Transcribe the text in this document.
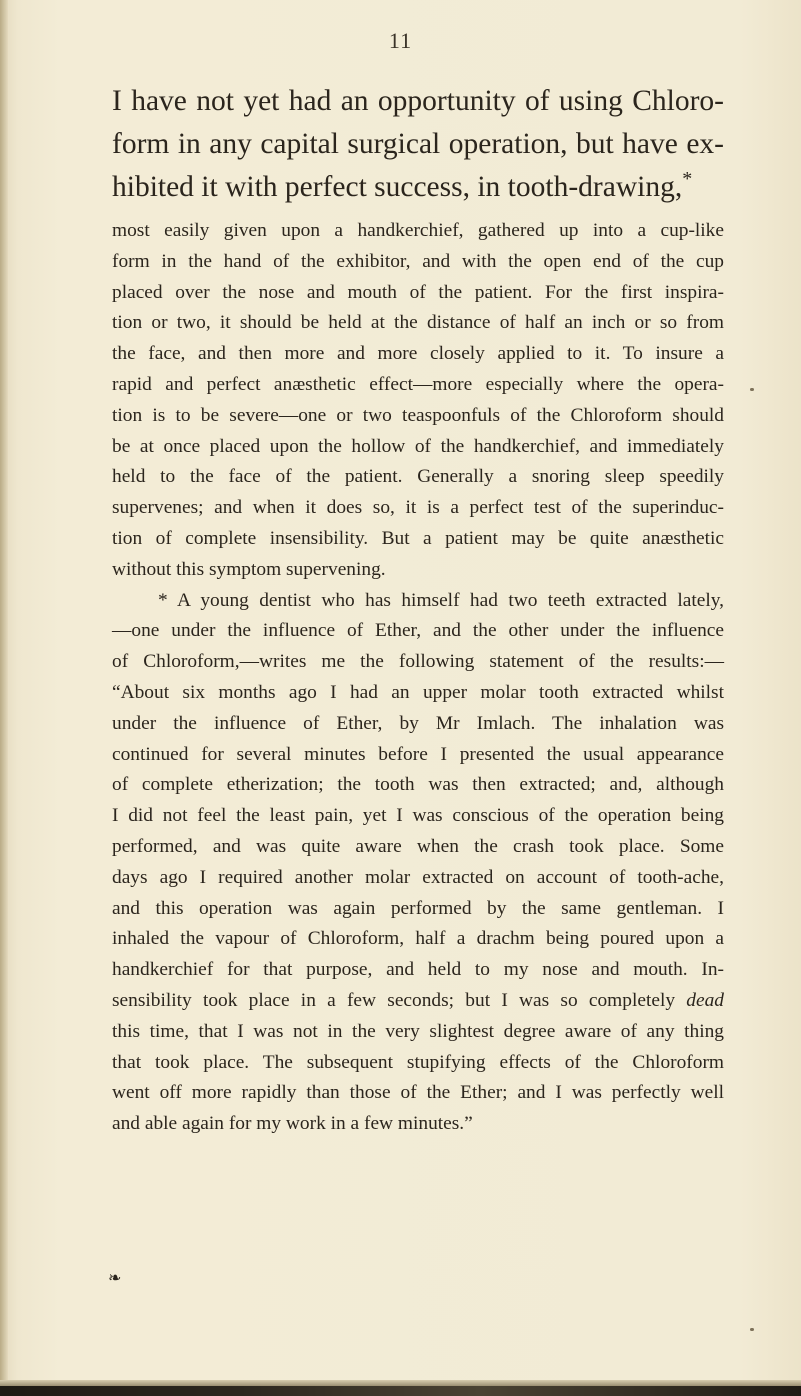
11
I have not yet had an opportunity of using Chloro-
form in any capital surgical operation, but have ex-
hibited it with perfect success, in tooth-drawing,*
most easily given upon a handkerchief, gathered up into a cup-like
form in the hand of the exhibitor, and with the open end of the cup
placed over the nose and mouth of the patient. For the first inspira-
tion or two, it should be held at the distance of half an inch or so from
the face, and then more and more closely applied to it. To insure a
rapid and perfect anæsthetic effect—more especially where the opera-
tion is to be severe—one or two teaspoonfuls of the Chloroform should
be at once placed upon the hollow of the handkerchief, and immediately
held to the face of the patient. Generally a snoring sleep speedily
supervenes; and when it does so, it is a perfect test of the superinduc-
tion of complete insensibility. But a patient may be quite anæsthetic
without this symptom supervening.
* A young dentist who has himself had two teeth extracted lately,
—one under the influence of Ether, and the other under the influence
of Chloroform,—writes me the following statement of the results:—
“About six months ago I had an upper molar tooth extracted whilst
under the influence of Ether, by Mr Imlach. The inhalation was
continued for several minutes before I presented the usual appearance
of complete etherization; the tooth was then extracted; and, although
I did not feel the least pain, yet I was conscious of the operation being
performed, and was quite aware when the crash took place. Some
days ago I required another molar extracted on account of tooth-ache,
and this operation was again performed by the same gentleman. I
inhaled the vapour of Chloroform, half a drachm being poured upon a
handkerchief for that purpose, and held to my nose and mouth. In-
sensibility took place in a few seconds; but I was so completely dead
this time, that I was not in the very slightest degree aware of any thing
that took place. The subsequent stupifying effects of the Chloroform
went off more rapidly than those of the Ether; and I was perfectly well
and able again for my work in a few minutes.”
❧
